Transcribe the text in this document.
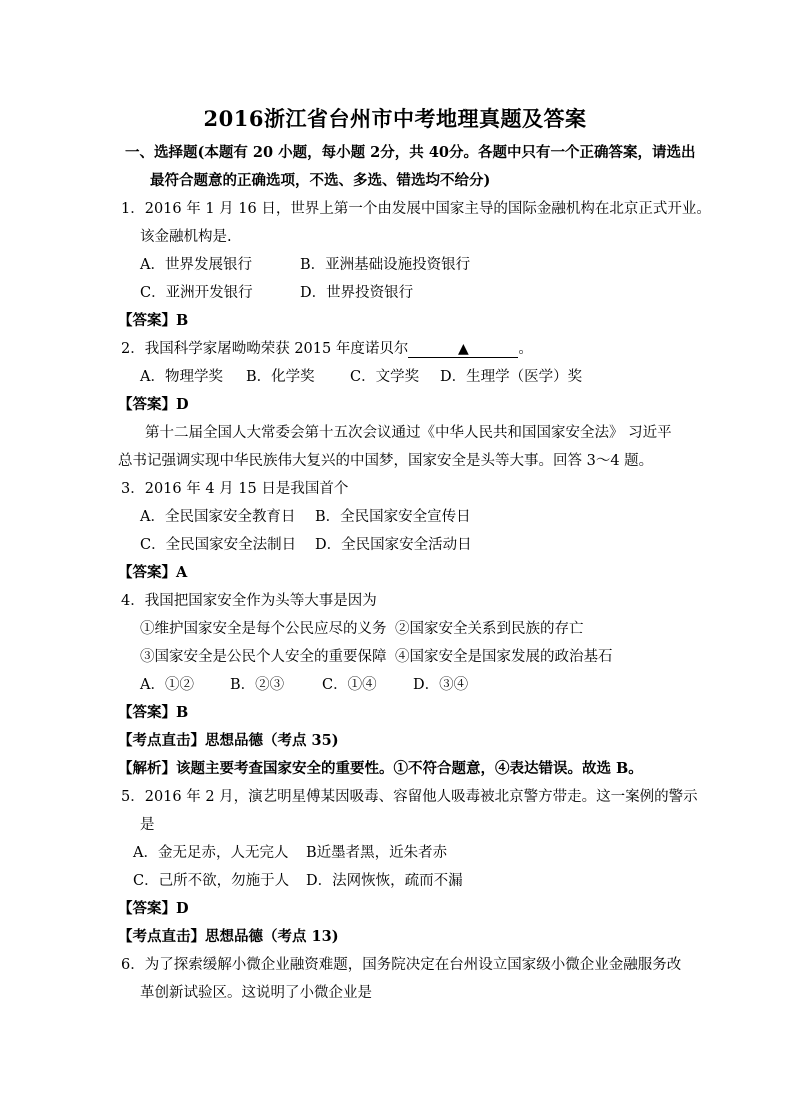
2016浙江省台州市中考地理真题及答案
一、选择题(本题有 20 小题，每小题 2分，共 40分。各题中只有一个正确答案，请选出
最符合题意的正确选项，不选、多选、错选均不给分)
1．2016 年 1 月 16 日，世界上第一个由发展中国家主导的国际金融机构在北京正式开业。
该金融机构是.
A．世界发展银行	B．亚洲基础设施投资银行
C．亚洲开发银行	D．世界投资银行
【答案】B
2．我国科学家屠呦呦荣获 2015 年度诺贝尔	▲	。
A．物理学奖 B．化学奖 C．文学奖 D．生理学（医学）奖
【答案】D
第十二届全国人大常委会第十五次会议通过《中华人民共和国国家安全法》 习近平
总书记强调实现中华民族伟大复兴的中国梦，国家安全是头等大事。回答 3～4 题。
3．2016 年 4 月 15 日是我国首个
A．全民国家安全教育日 B．全民国家安全宣传日
C．全民国家安全法制日 D．全民国家安全活动日
【答案】A
4．我国把国家安全作为头等大事是因为
①维护国家安全是每个公民应尽的义务 ②国家安全关系到民族的存亡
③国家安全是公民个人安全的重要保障 ④国家安全是国家发展的政治基石
A．①② B．②③	C．①④	D．③④
【答案】B
【考点直击】思想品德（考点 35)
【解析】该题主要考查国家安全的重要性。①不符合题意，④表达错误。故选 B。
5．2016 年 2 月，演艺明星傅某因吸毒、容留他人吸毒被北京警方带走。这一案例的警示
是
A．金无足赤，人无完人 B近墨者黑，近朱者赤
C．己所不欲，勿施于人 D．法网恢恢，疏而不漏
【答案】D
【考点直击】思想品德（考点 13)
6．为了探索缓解小微企业融资难题，国务院决定在台州设立国家级小微企业金融服务改
革创新试验区。这说明了小微企业是
